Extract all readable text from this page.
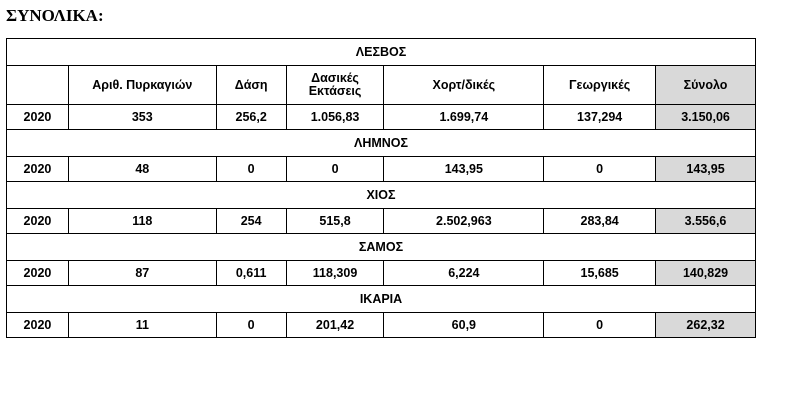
ΣΥΝΟΛΙΚΑ:
ΛΕΣΒΟΣ						
	Αριθ. Πυρκαγιών	Δάση	Δασικές Εκτάσεις	Χορτ/δικές	Γεωργικές	Σύνολο
2020	353	256,2	1.056,83	1.699,74	137,294	3.150,06
ΛΗΜΝΟΣ						
2020	48	0	0	143,95	0	143,95
ΧΙΟΣ						
2020	118	254	515,8	2.502,963	283,84	3.556,6
ΣΑΜΟΣ						
2020	87	0,611	118,309	6,224	15,685	140,829
ΙΚΑΡΙΑ						
2020	11	0	201,42	60,9	0	262,32
